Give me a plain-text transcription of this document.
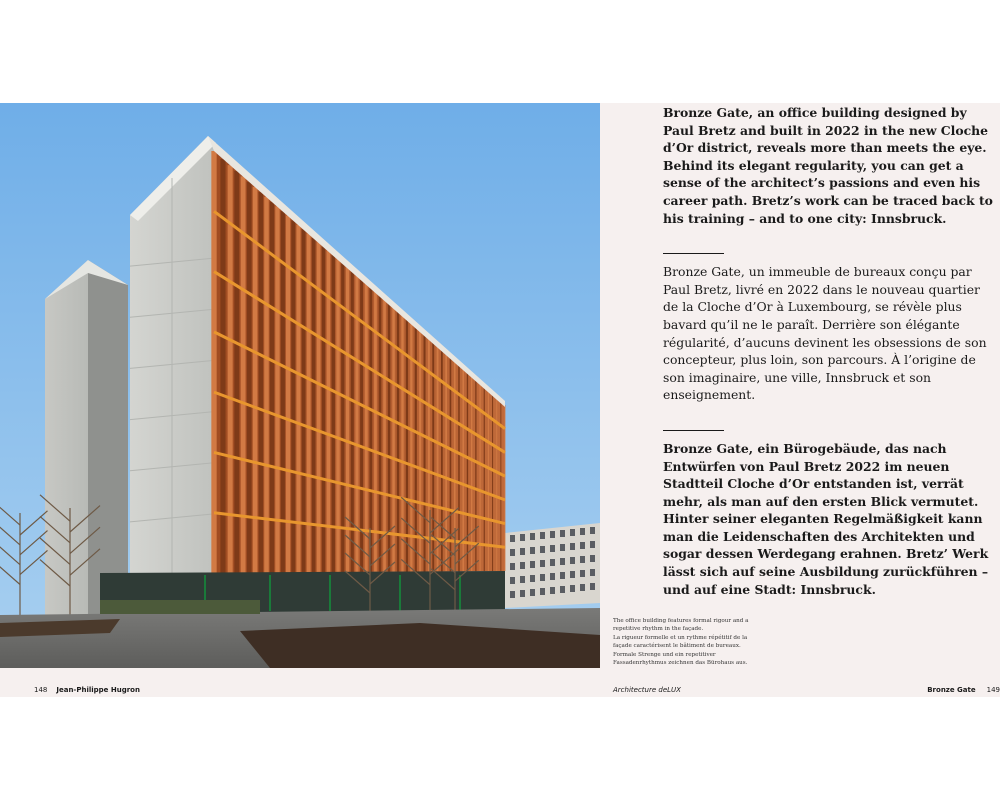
Bronze Gate, an office building designed by Paul Bretz and built in 2022 in the new Cloche d’Or district, reveals more than meets the eye. Behind its elegant regularity, you can get a sense of the architect’s passions and even his career path. Bretz’s work can be traced back to his training – and to one city: Innsbruck.

Bronze Gate, un immeuble de bureaux conçu par Paul Bretz, livré en 2022 dans le nouveau quartier de la Cloche d’Or à Luxembourg, se révèle plus bavard qu’il ne le paraît. Derrière son élégante régularité, d’aucuns devinent les obsessions de son concepteur, plus loin, son parcours. À l’origine de son imaginaire, une ville, Innsbruck et son enseignement.

Bronze Gate, ein Bürogebäude, das nach Entwürfen von Paul Bretz 2022 im neuen Stadtteil Cloche d’Or entstanden ist, verrät mehr, als man auf den ersten Blick vermutet. Hinter seiner eleganten Regelmäßigkeit kann man die Leidenschaften des Architekten und sogar dessen Werdegang erahnen. Bretz’ Werk lässt sich auf seine Ausbildung zurückführen – und auf eine Stadt: Innsbruck.

The office building features formal rigour and a repetitive rhythm in the façade.

La rigueur formelle et un rythme répétitif de la façade caractérisent le bâtiment de bureaux.

Formale Strenge und ein repetitiver Fassadenrhythmus zeichnen das Bürohaus aus.

148 Jean-Philippe Hugron	Architecture deLUX	Bronze Gate 149
